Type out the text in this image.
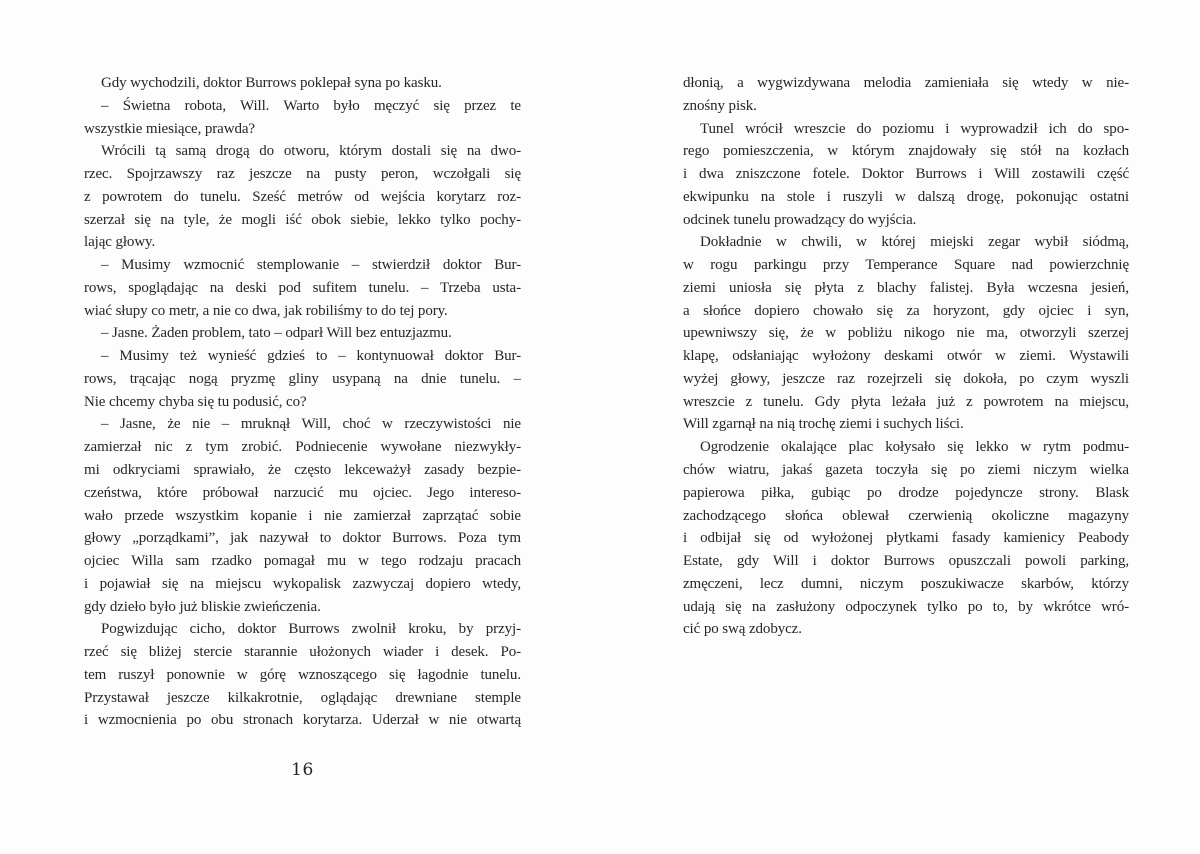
Gdy wychodzili, doktor Burrows poklepał syna po kasku.
– Świetna robota, Will. Warto było męczyć się przez te
wszystkie miesiące, prawda?
Wrócili tą samą drogą do otworu, którym dostali się na dwo-
rzec. Spojrzawszy raz jeszcze na pusty peron, wczołgali się
z powrotem do tunelu. Sześć metrów od wejścia korytarz roz-
szerzał się na tyle, że mogli iść obok siebie, lekko tylko pochy-
lając głowy.
– Musimy wzmocnić stemplowanie – stwierdził doktor Bur-
rows, spoglądając na deski pod sufitem tunelu. – Trzeba usta-
wiać słupy co metr, a nie co dwa, jak robiliśmy to do tej pory.
– Jasne. Żaden problem, tato – odparł Will bez entuzjazmu.
– Musimy też wynieść gdzieś to – kontynuował doktor Bur-
rows, trącając nogą pryzmę gliny usypaną na dnie tunelu. –
Nie chcemy chyba się tu podusić, co?
– Jasne, że nie – mruknął Will, choć w rzeczywistości nie
zamierzał nic z tym zrobić. Podniecenie wywołane niezwykły-
mi odkryciami sprawiało, że często lekceważył zasady bezpie-
czeństwa, które próbował narzucić mu ojciec. Jego intereso-
wało przede wszystkim kopanie i nie zamierzał zaprzątać sobie
głowy „porządkami”, jak nazywał to doktor Burrows. Poza tym
ojciec Willa sam rzadko pomagał mu w tego rodzaju pracach
i pojawiał się na miejscu wykopalisk zazwyczaj dopiero wtedy,
gdy dzieło było już bliskie zwieńczenia.
Pogwizdując cicho, doktor Burrows zwolnił kroku, by przyj-
rzeć się bliżej stercie starannie ułożonych wiader i desek. Po-
tem ruszył ponownie w górę wznoszącego się łagodnie tunelu.
Przystawał jeszcze kilkakrotnie, oglądając drewniane stemple
i wzmocnienia po obu stronach korytarza. Uderzał w nie otwartą
dłonią, a wygwizdywana melodia zamieniała się wtedy w nie-
znośny pisk.
Tunel wrócił wreszcie do poziomu i wyprowadził ich do spo-
rego pomieszczenia, w którym znajdowały się stół na kozłach
i dwa zniszczone fotele. Doktor Burrows i Will zostawili część
ekwipunku na stole i ruszyli w dalszą drogę, pokonując ostatni
odcinek tunelu prowadzący do wyjścia.
Dokładnie w chwili, w której miejski zegar wybił siódmą,
w rogu parkingu przy Temperance Square nad powierzchnię
ziemi uniosła się płyta z blachy falistej. Była wczesna jesień,
a słońce dopiero chowało się za horyzont, gdy ojciec i syn,
upewniwszy się, że w pobliżu nikogo nie ma, otworzyli szerzej
klapę, odsłaniając wyłożony deskami otwór w ziemi. Wystawili
wyżej głowy, jeszcze raz rozejrzeli się dokoła, po czym wyszli
wreszcie z tunelu. Gdy płyta leżała już z powrotem na miejscu,
Will zgarnął na nią trochę ziemi i suchych liści.
Ogrodzenie okalające plac kołysało się lekko w rytm podmu-
chów wiatru, jakaś gazeta toczyła się po ziemi niczym wielka
papierowa piłka, gubiąc po drodze pojedyncze strony. Blask
zachodzącego słońca oblewał czerwienią okoliczne magazyny
i odbijał się od wyłożonej płytkami fasady kamienicy Peabody
Estate, gdy Will i doktor Burrows opuszczali powoli parking,
zmęczeni, lecz dumni, niczym poszukiwacze skarbów, którzy
udają się na zasłużony odpoczynek tylko po to, by wkrótce wró-
cić po swą zdobycz.
16
